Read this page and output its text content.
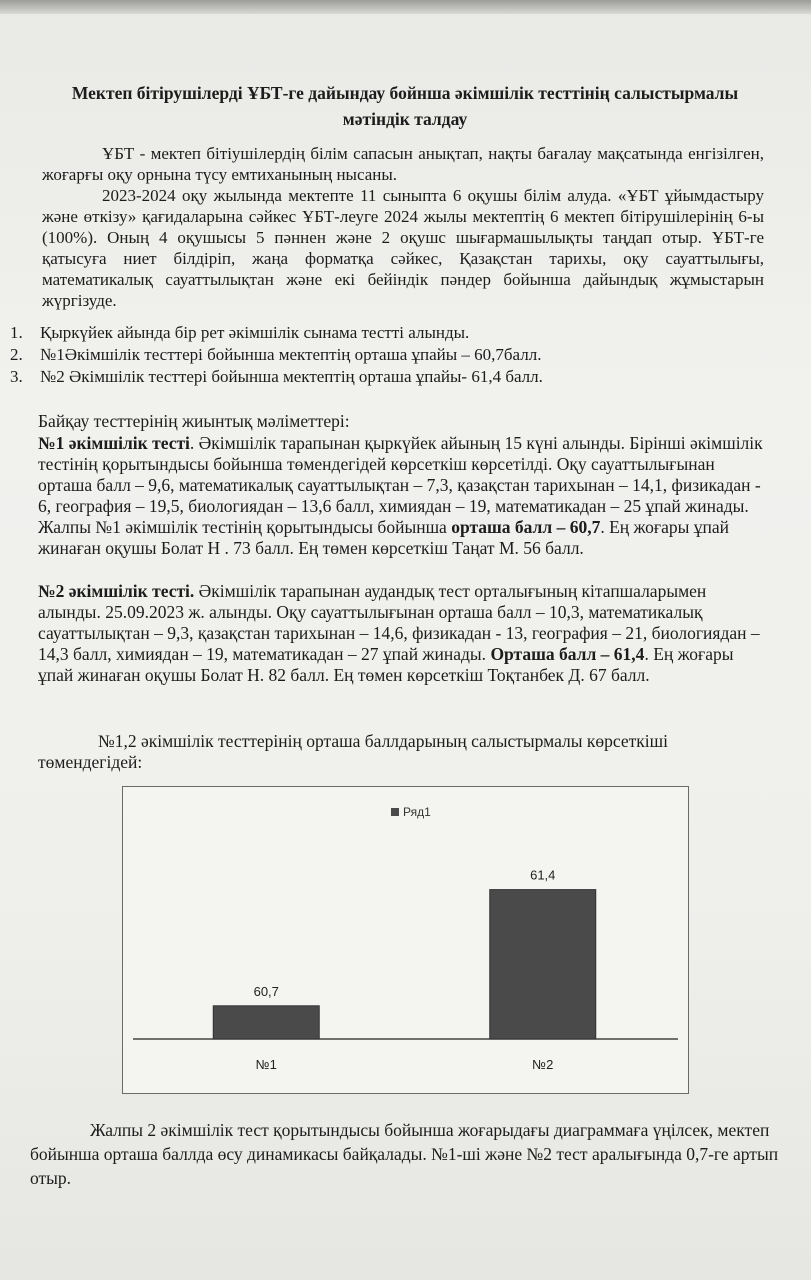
Мектеп бітірушілерді ҰБТ-ге дайындау бойнша әкімшілік тесттінің салыстырмалы мәтіндік талдау
ҰБТ - мектеп бітіушілердің білім сапасын анықтап, нақты бағалау мақсатында енгізілген, жоғарғы оқу орнына түсу емтиханының нысаны.
2023-2024 оқу жылында мектепте 11 сыныпта 6 оқушы білім алуда. «ҰБТ ұйымдастыру және өткізу» қағидаларына сәйкес ҰБТ-леуге 2024 жылы мектептің 6 мектеп бітірушілерінің 6-ы (100%). Оның 4 оқушысы 5 пәннен және 2 оқушс шығармашылықты таңдап отыр. ҰБТ-ге қатысуға ниет білдіріп, жаңа форматқа сәйкес, Қазақстан тарихы, оқу сауаттылығы, математикалық сауаттылықтан және екі бейіндік пәндер бойынша дайындық жұмыстарын жүргізуде.
1. Қыркүйек айында бір рет әкімшілік сынама тестті алынды.
2. №1Әкімшілік тесттері бойынша мектептің орташа ұпайы – 60,7балл.
3. №2 Әкімшілік тесттері бойынша мектептің орташа ұпайы- 61,4 балл.
Байқау тесттерінің жиынтық мәліметтері:
№1 әкімшілік тесті. Әкімшілік тарапынан қыркүйек айының 15 күні алынды. Бірінші әкімшілік тестінің қорытындысы бойынша төмендегідей көрсеткіш көрсетілді. Оқу сауаттылығынан орташа балл – 9,6, математикалық сауаттылықтан – 7,3, қазақстан тарихынан – 14,1, физикадан - 6, география – 19,5, биологиядан – 13,6 балл, химиядан – 19, математикадан – 25 ұпай жинады. Жалпы №1 әкімшілік тестінің қорытындысы бойынша орташа балл – 60,7. Ең жоғары ұпай жинаған оқушы Болат Н . 73 балл. Ең төмен көрсеткіш Таңат М. 56 балл.
№2 әкімшілік тесті. Әкімшілік тарапынан аудандық тест орталығының кітапшаларымен алынды. 25.09.2023 ж. алынды. Оқу сауаттылығынан орташа балл – 10,3, математикалық сауаттылықтан – 9,3, қазақстан тарихынан – 14,6, физикадан - 13, география – 21, биологиядан – 14,3 балл, химиядан – 19, математикадан – 27 ұпай жинады. Орташа балл – 61,4. Ең жоғары ұпай жинаған оқушы Болат Н. 82 балл. Ең төмен көрсеткіш Тоқтанбек Д. 67 балл.
№1,2 әкімшілік тесттерінің орташа баллдарының салыстырмалы көрсеткіші төмендегідей:
Ряд1
60,7
№1
61,4
№2
Жалпы 2 әкімшілік тест қорытындысы бойынша жоғарыдағы диаграммаға үңілсек, мектеп бойынша орташа баллда өсу динамикасы байқалады. №1-ші және №2 тест аралығында 0,7-ге артып отыр.
